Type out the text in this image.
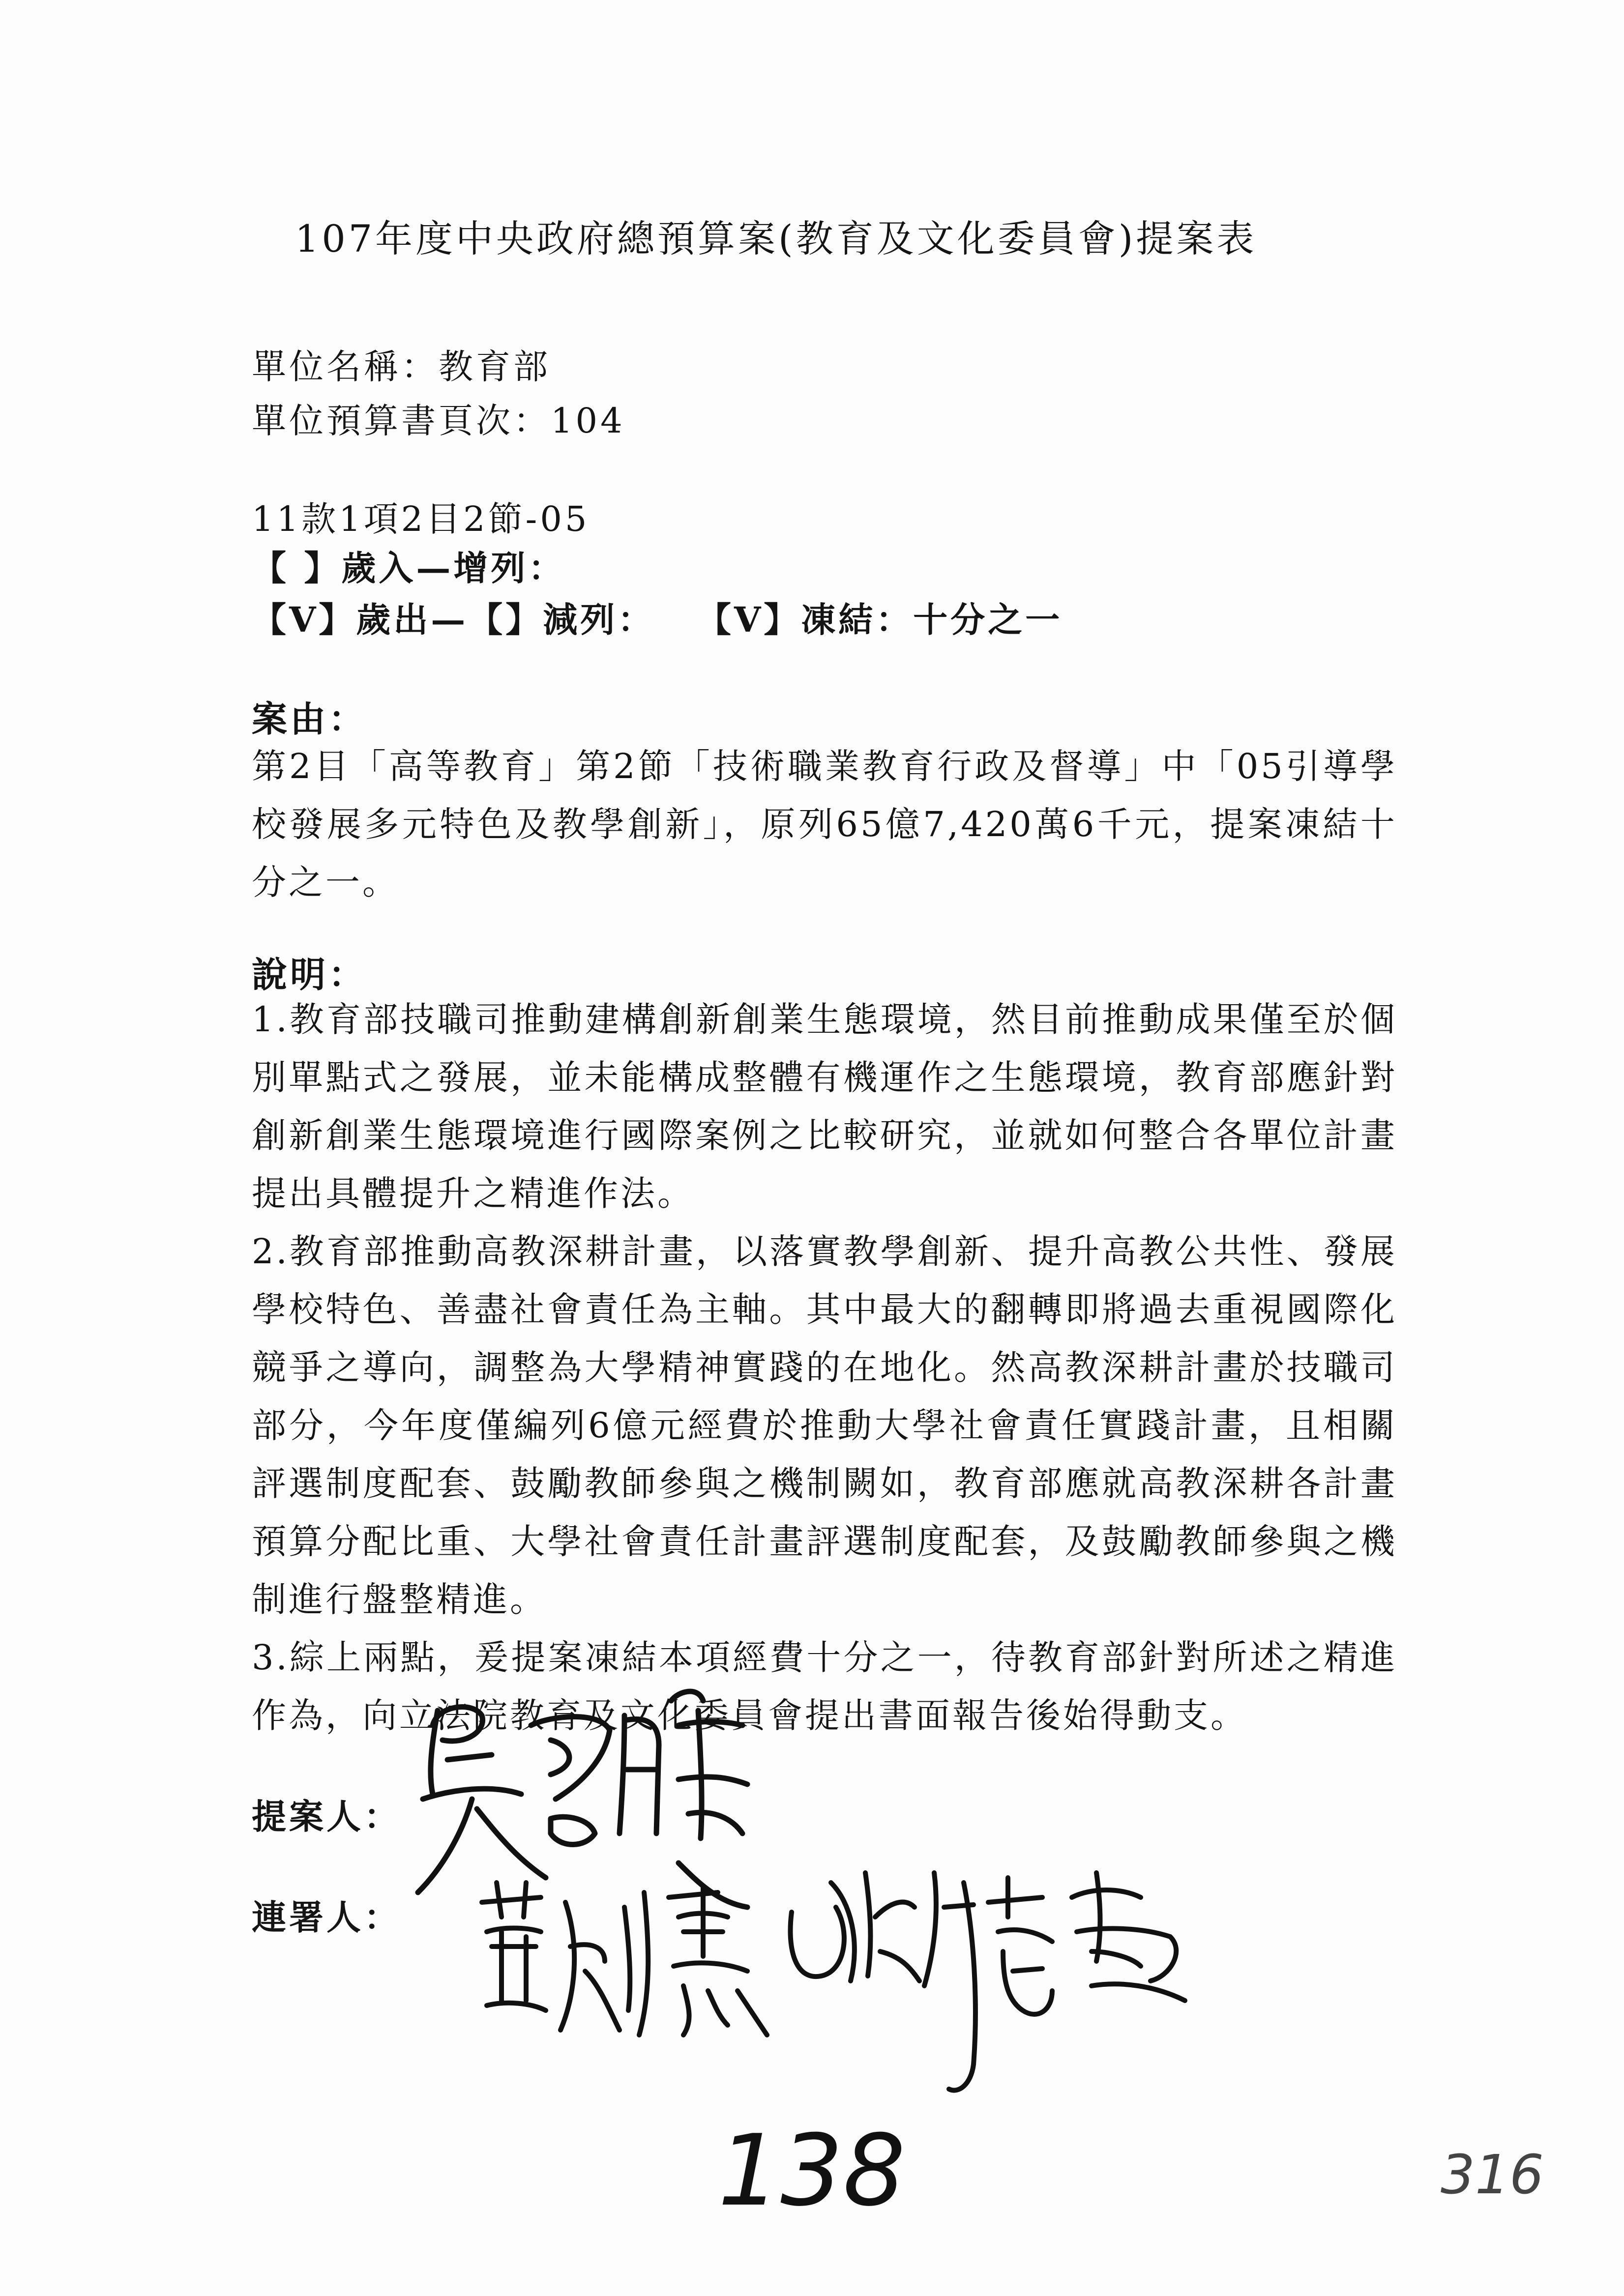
107年度中央政府總預算案(教育及文化委員會)提案表
單位名稱：教育部
單位預算書頁次：104
11款1項2目2節-05
【 】歲入—增列：
【V】歲出—【】減列： 【V】凍結：十分之一
案由：

第2目「高等教育」第2節「技術職業教育行政及督導」中「05引導學校發展多元特色及教學創新」，原列65億7,420萬6千元，提案凍結十分之一。

說明：

1.教育部技職司推動建構創新創業生態環境，然目前推動成果僅至於個別單點式之發展，並未能構成整體有機運作之生態環境，教育部應針對創新創業生態環境進行國際案例之比較研究，並就如何整合各單位計畫提出具體提升之精進作法。

2.教育部推動高教深耕計畫，以落實教學創新、提升高教公共性、發展學校特色、善盡社會責任為主軸。其中最大的翻轉即將過去重視國際化競爭之導向，調整為大學精神實踐的在地化。然高教深耕計畫於技職司部分，今年度僅編列6億元經費於推動大學社會責任實踐計畫，且相關評選制度配套、鼓勵教師參與之機制闕如，教育部應就高教深耕各計畫預算分配比重、大學社會責任計畫評選制度配套，及鼓勵教師參與之機制進行盤整精進。

3.綜上兩點，爰提案凍結本項經費十分之一，待教育部針對所述之精進作為，向立法院教育及文化委員會提出書面報告後始得動支。

提案人：
連署人：
138	316
